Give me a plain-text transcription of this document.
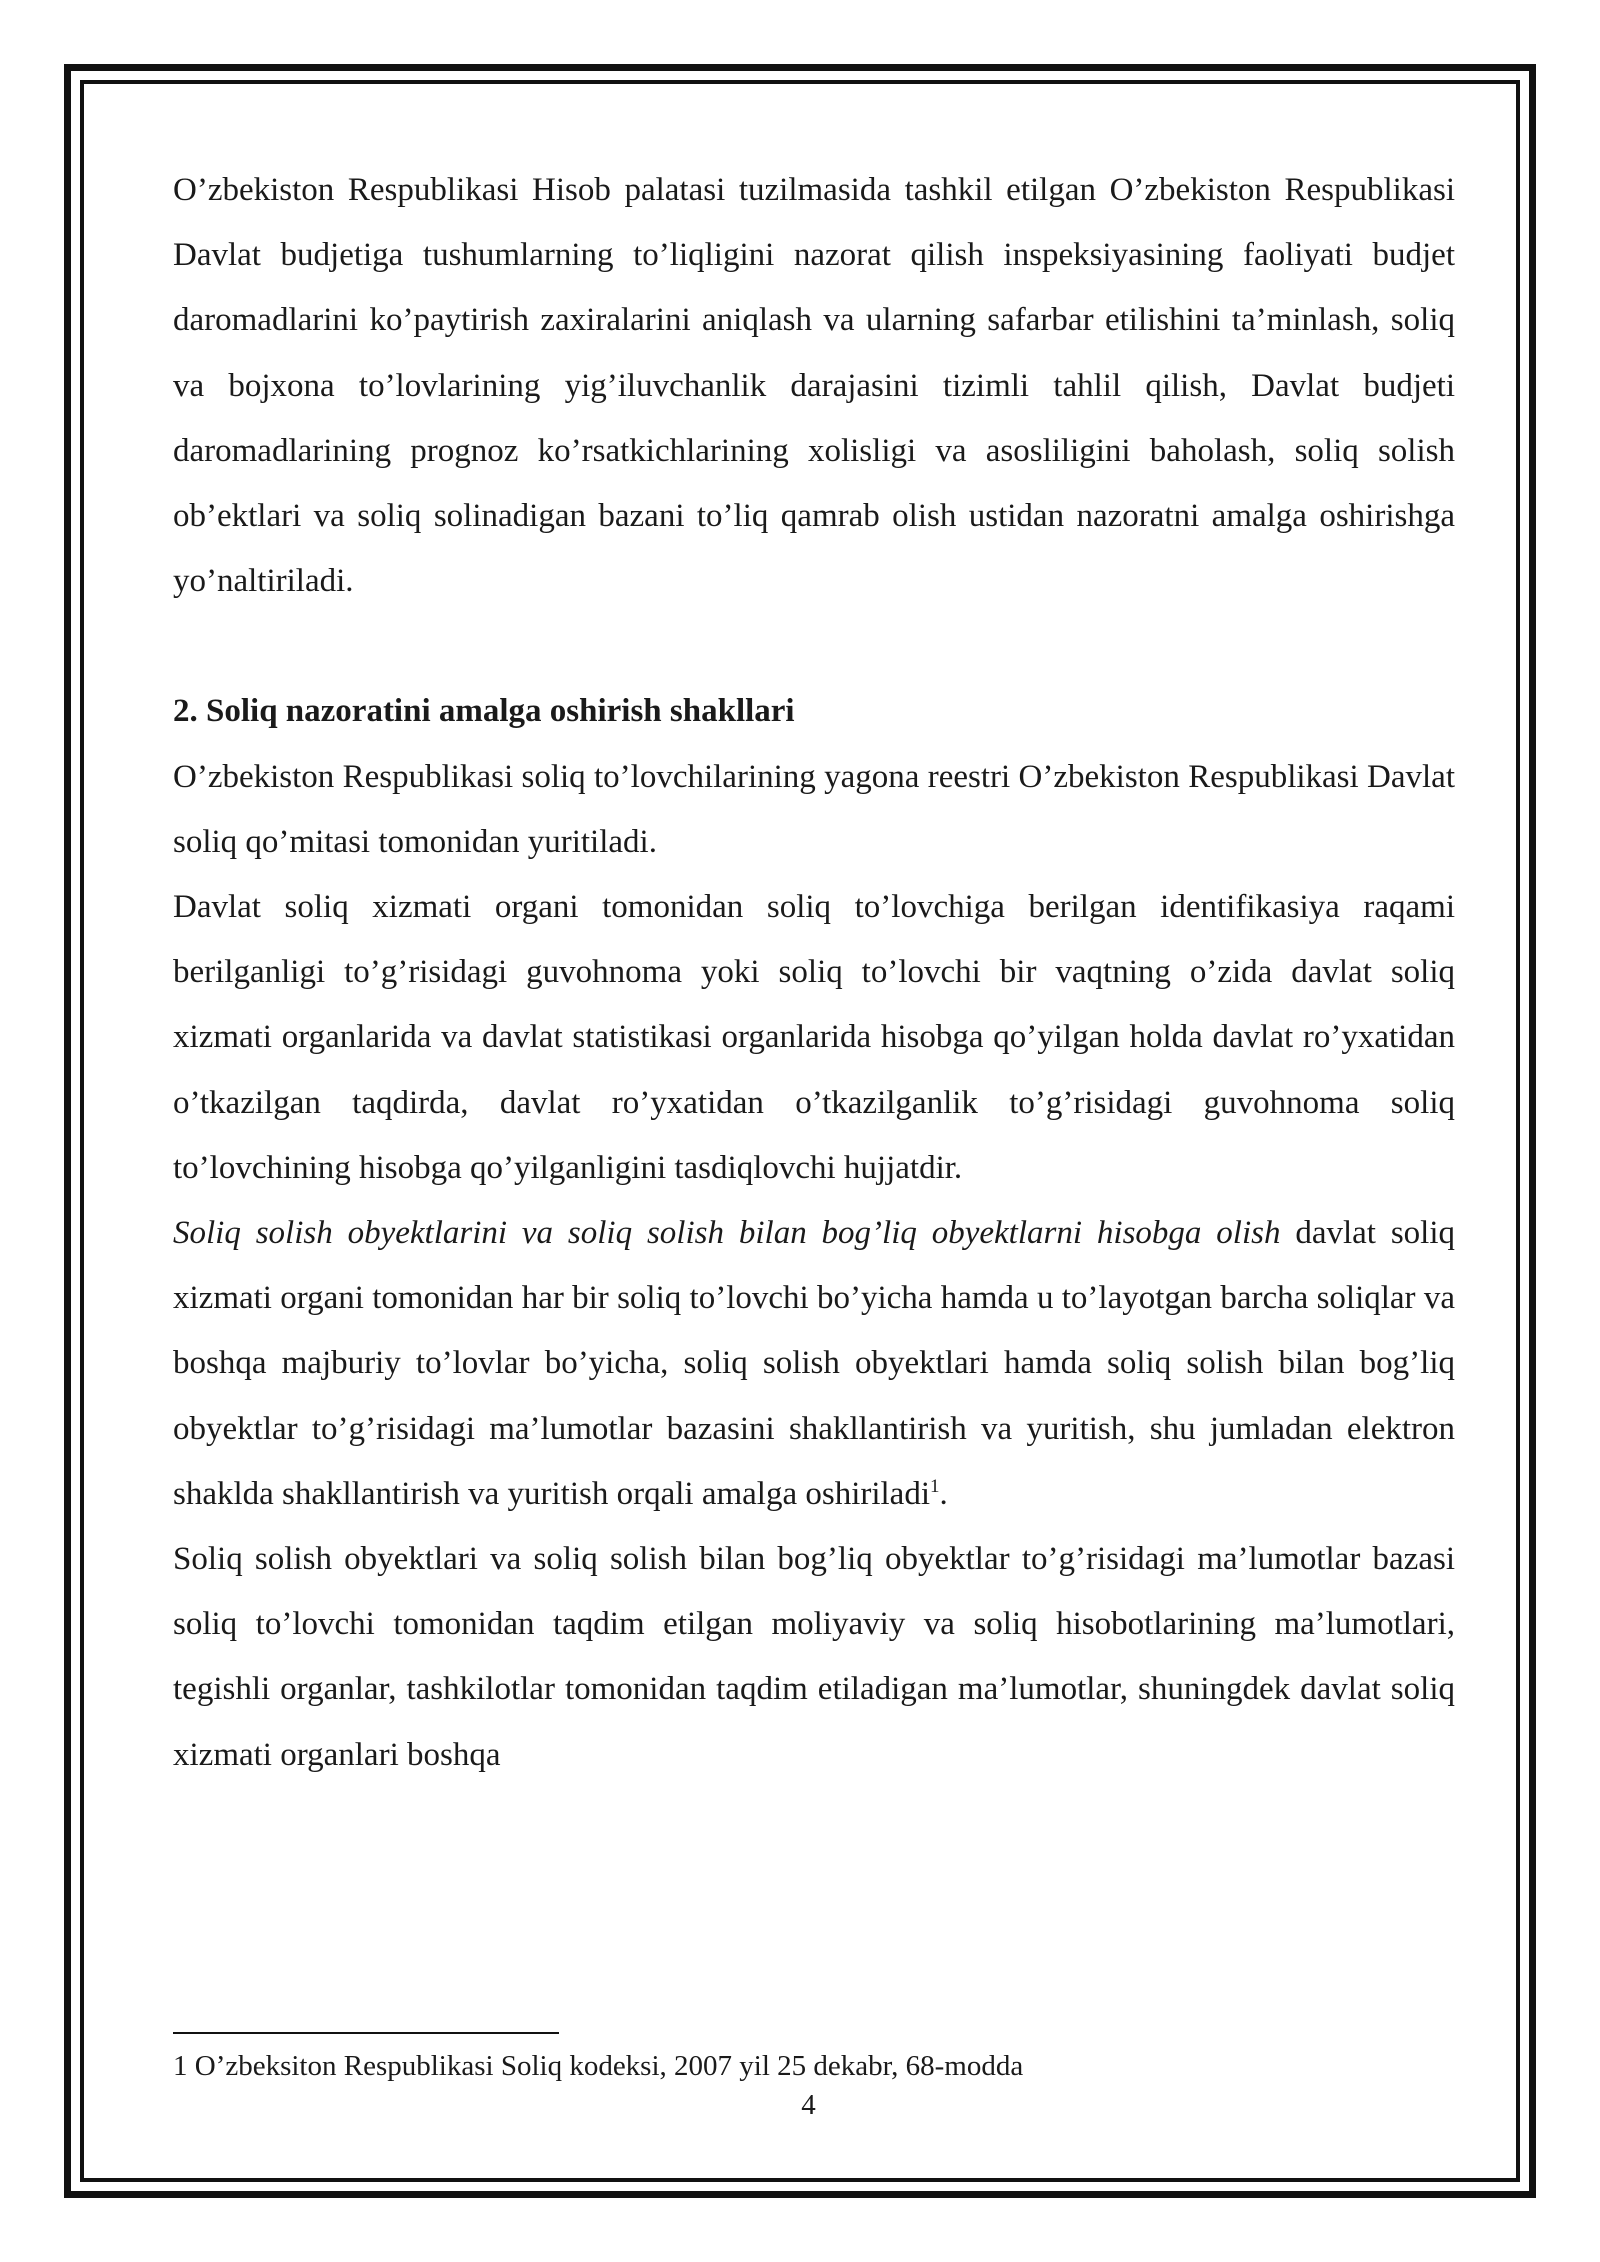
O’zbekiston Respublikasi Hisob palatasi tuzilmasida tashkil etilgan O’zbekiston Respublikasi Davlat budjetiga tushumlarning to’liqligini nazorat qilish inspeksiyasining faoliyati budjet daromadlarini ko’paytirish zaxiralarini aniqlash va ularning safarbar etilishini ta’minlash, soliq va bojxona to’lovlarining yig’iluvchanlik darajasini tizimli tahlil qilish, Davlat budjeti daromadlarining prognoz ko’rsatkichlarining xolisligi va asosliligini baholash, soliq solish ob’ektlari va soliq solinadigan bazani to’liq qamrab olish ustidan nazoratni amalga oshirishga yo’naltiriladi.

2. Soliq nazoratini amalga oshirish shakllari

O’zbekiston Respublikasi soliq to’lovchilarining yagona reestri O’zbekiston Respublikasi Davlat soliq qo’mitasi tomonidan yuritiladi.

Davlat soliq xizmati organi tomonidan soliq to’lovchiga berilgan identifikasiya raqami berilganligi to’g’risidagi guvohnoma yoki soliq to’lovchi bir vaqtning o’zida davlat soliq xizmati organlarida va davlat statistikasi organlarida hisobga qo’yilgan holda davlat ro’yxatidan o’tkazilgan taqdirda, davlat ro’yxatidan o’tkazilganlik to’g’risidagi guvohnoma soliq to’lovchining hisobga qo’yilganligini tasdiqlovchi hujjatdir.

Soliq solish obyektlarini va soliq solish bilan bog’liq obyektlarni hisobga olish davlat soliq xizmati organi tomonidan har bir soliq to’lovchi bo’yicha hamda u to’layotgan barcha soliqlar va boshqa majburiy to’lovlar bo’yicha, soliq solish obyektlari hamda soliq solish bilan bog’liq obyektlar to’g’risidagi ma’lumotlar bazasini shakllantirish va yuritish, shu jumladan elektron shaklda shakllantirish va yuritish orqali amalga oshiriladi$^1$.

Soliq solish obyektlari va soliq solish bilan bog’liq obyektlar to’g’risidagi ma’lumotlar bazasi soliq to’lovchi tomonidan taqdim etilgan moliyaviy va soliq hisobotlarining ma’lumotlari, tegishli organlar, tashkilotlar tomonidan taqdim etiladigan ma’lumotlar, shuningdek davlat soliq xizmati organlari boshqa

1 O’zbeksiton Respublikasi Soliq kodeksi, 2007 yil 25 dekabr, 68-modda
4
